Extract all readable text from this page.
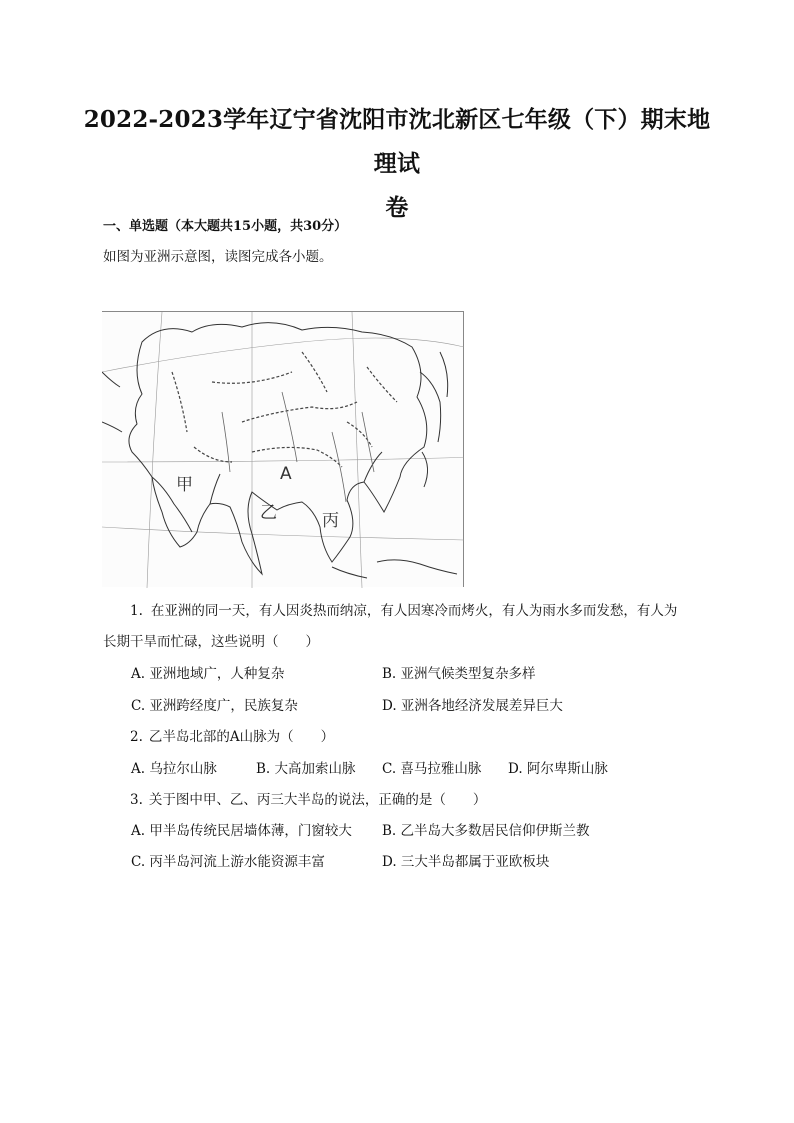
2022-2023学年辽宁省沈阳市沈北新区七年级（下）期末地理试
卷
一、单选题（本大题共15小题，共30分）
如图为亚洲示意图，读图完成各小题。
甲
A
乙	丙
1. 在亚洲的同一天，有人因炎热而纳凉，有人因寒冷而烤火，有人为雨水多而发愁，有人为
长期干旱而忙碌，这些说明（　　）
A. 亚洲地域广，人种复杂	B. 亚洲气候类型复杂多样
C. 亚洲跨经度广，民族复杂	D. 亚洲各地经济发展差异巨大
2. 乙半岛北部的A山脉为（　　）
A. 乌拉尔山脉	B. 大高加索山脉 C. 喜马拉雅山脉 D. 阿尔卑斯山脉
3. 关于图中甲、乙、丙三大半岛的说法，正确的是（　　）
A. 甲半岛传统民居墙体薄，门窗较大 B. 乙半岛大多数居民信仰伊斯兰教
C. 丙半岛河流上游水能资源丰富	D. 三大半岛都属于亚欧板块
